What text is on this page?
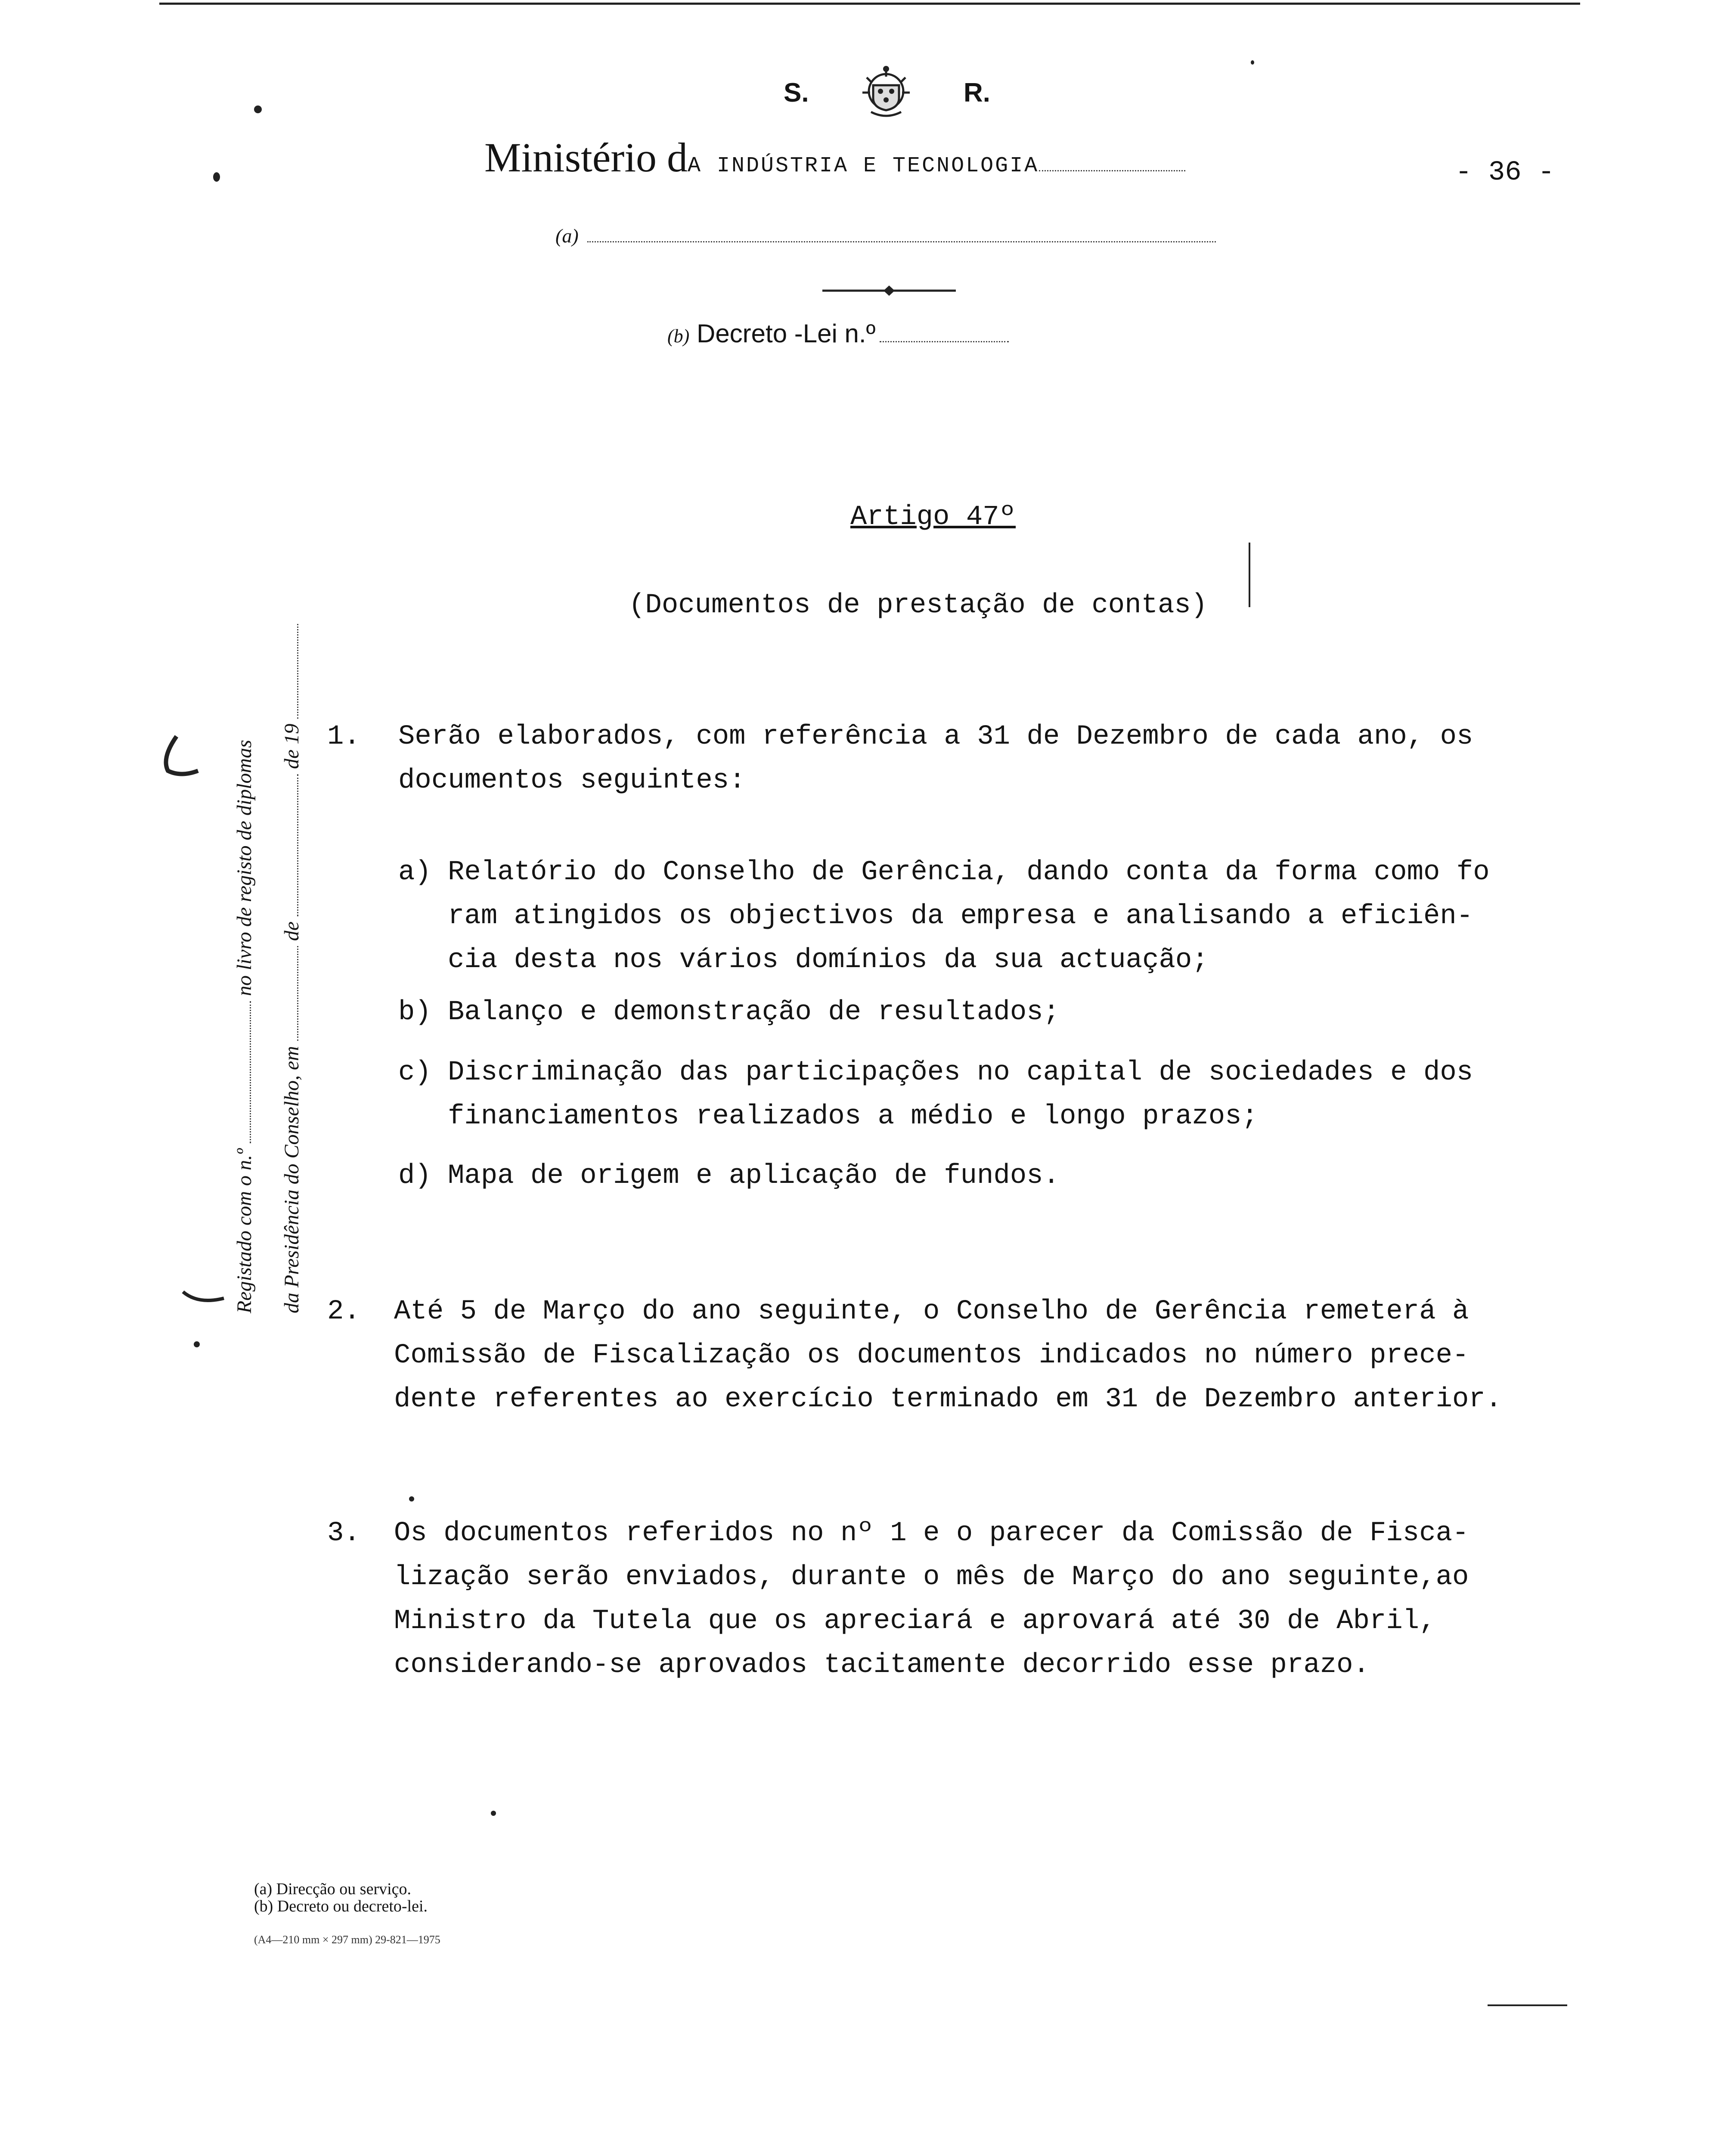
S.	R.
Ministério dA INDÚSTRIA E TECNOLOGIA	- 36 -
(a)
(b) Decreto -Lei n.º
Registado com o n.º  no livro de registo de diplomas
da Presidência do Conselho, em  de  de 19
Artigo 47º
(Documentos de prestação de contas)
1. Serão elaborados, com referência a 31 de Dezembro de cada ano, os
documentos seguintes:
a) Relatório do Conselho de Gerência, dando conta da forma como fo
ram atingidos os objectivos da empresa e analisando a eficiên-
cia desta nos vários domínios da sua actuação;
b) Balanço e demonstração de resultados;
c) Discriminação das participações no capital de sociedades e dos
financiamentos realizados a médio e longo prazos;
d) Mapa de origem e aplicação de fundos.
2. Até 5 de Março do ano seguinte, o Conselho de Gerência remeterá à
Comissão de Fiscalização os documentos indicados no número prece-
dente referentes ao exercício terminado em 31 de Dezembro anterior.
3. Os documentos referidos no nº 1 e o parecer da Comissão de Fisca-
lização serão enviados, durante o mês de Março do ano seguinte,ao
Ministro da Tutela que os apreciará e aprovará até 30 de Abril,
considerando-se aprovados tacitamente decorrido esse prazo.
(a) Direcção ou serviço.
(b) Decreto ou decreto-lei.
(A4—210 mm × 297 mm) 29-821—1975
